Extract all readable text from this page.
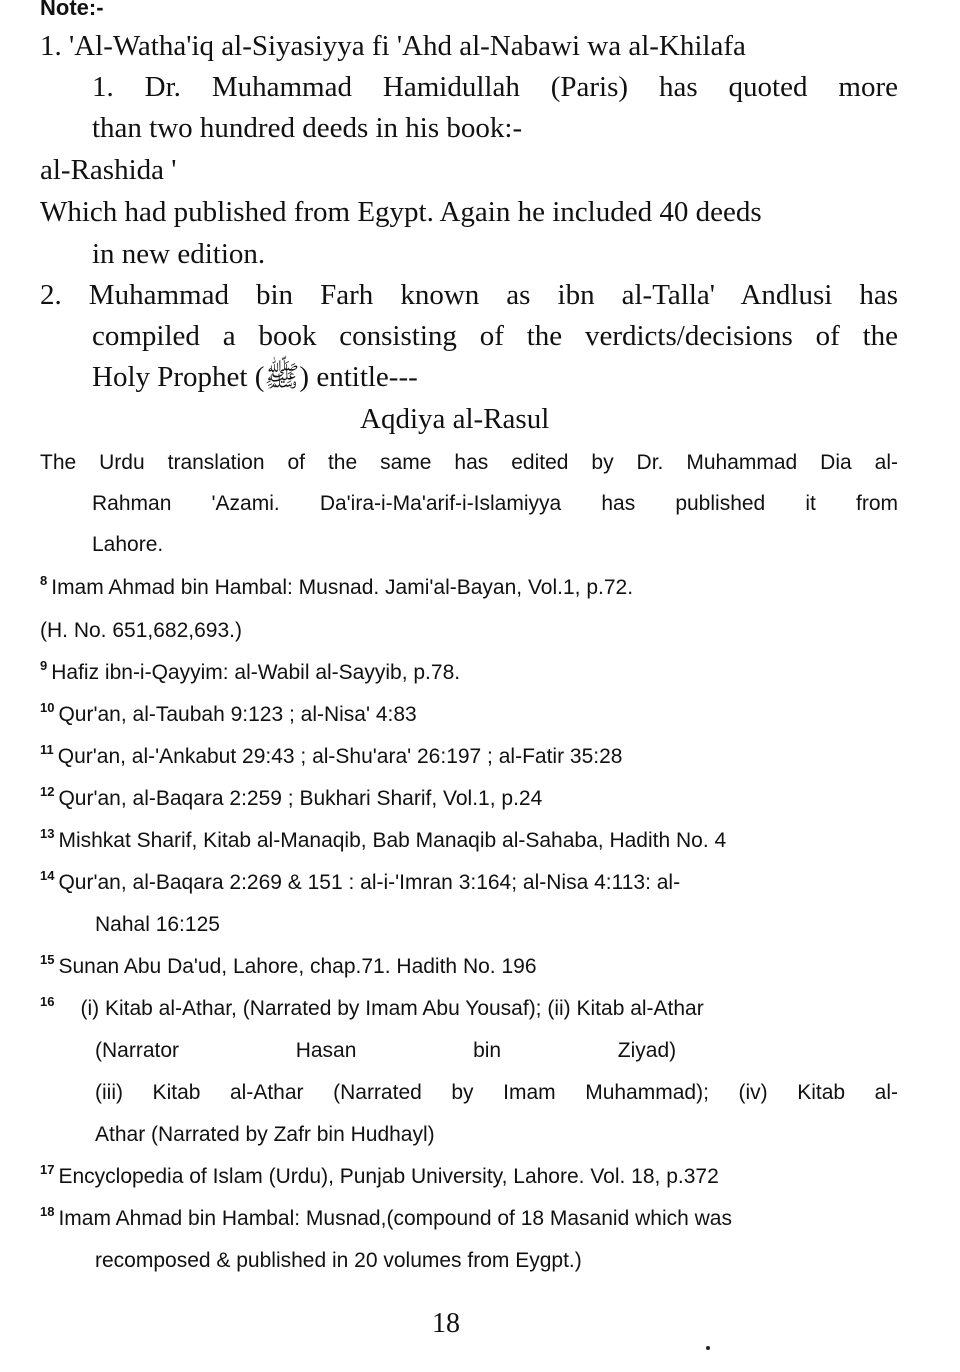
Note:-
1. 'Al-Watha'iq al-Siyasiyya fi 'Ahd al-Nabawi wa al-Khilafa
1. Dr. Muhammad Hamidullah (Paris) has quoted more
than two hundred deeds in his book:-
al-Rashida '
Which had published from Egypt. Again he included 40 deeds
in new edition.
2. Muhammad bin Farh known as ibn al-Talla' Andlusi has
compiled a book consisting of the verdicts/decisions of the
Holy Prophet (ﷺ) entitle---
Aqdiya al-Rasul
The Urdu translation of the same has edited by Dr. Muhammad Dia al-
Rahman 'Azami. Da'ira-i-Ma'arif-i-Islamiyya has published it from
Lahore.
$^8$ Imam Ahmad bin Hambal: Musnad. Jami'al-Bayan, Vol.1, p.72.
(H. No. 651,682,693.)
$^9$ Hafiz ibn-i-Qayyim: al-Wabil al-Sayyib, p.78.
$^{10}$ Qur'an, al-Taubah 9:123 ; al-Nisa' 4:83
$^{11}$ Qur'an, al-'Ankabut 29:43 ; al-Shu'ara' 26:197 ; al-Fatir 35:28
$^{12}$ Qur'an, al-Baqara 2:259 ; Bukhari Sharif, Vol.1, p.24
$^{13}$ Mishkat Sharif, Kitab al-Manaqib, Bab Manaqib al-Sahaba, Hadith No. 4
$^{14}$ Qur'an, al-Baqara 2:269 & 151 : al-i-'Imran 3:164; al-Nisa 4:113: al-
Nahal 16:125
$^{15}$ Sunan Abu Da'ud, Lahore, chap.71. Hadith No. 196
$^{16}$ (i) Kitab al-Athar, (Narrated by Imam Abu Yousaf); (ii) Kitab al-Athar
(Narrator                    Hasan                    bin                    Ziyad)
(iii) Kitab al-Athar (Narrated by Imam Muhammad); (iv) Kitab al-
Athar (Narrated by Zafr bin Hudhayl)
$^{17}$ Encyclopedia of Islam (Urdu), Punjab University, Lahore. Vol. 18, p.372
$^{18}$ Imam Ahmad bin Hambal: Musnad,(compound of 18 Masanid which was
recomposed & published in 20 volumes from Eygpt.)
18
